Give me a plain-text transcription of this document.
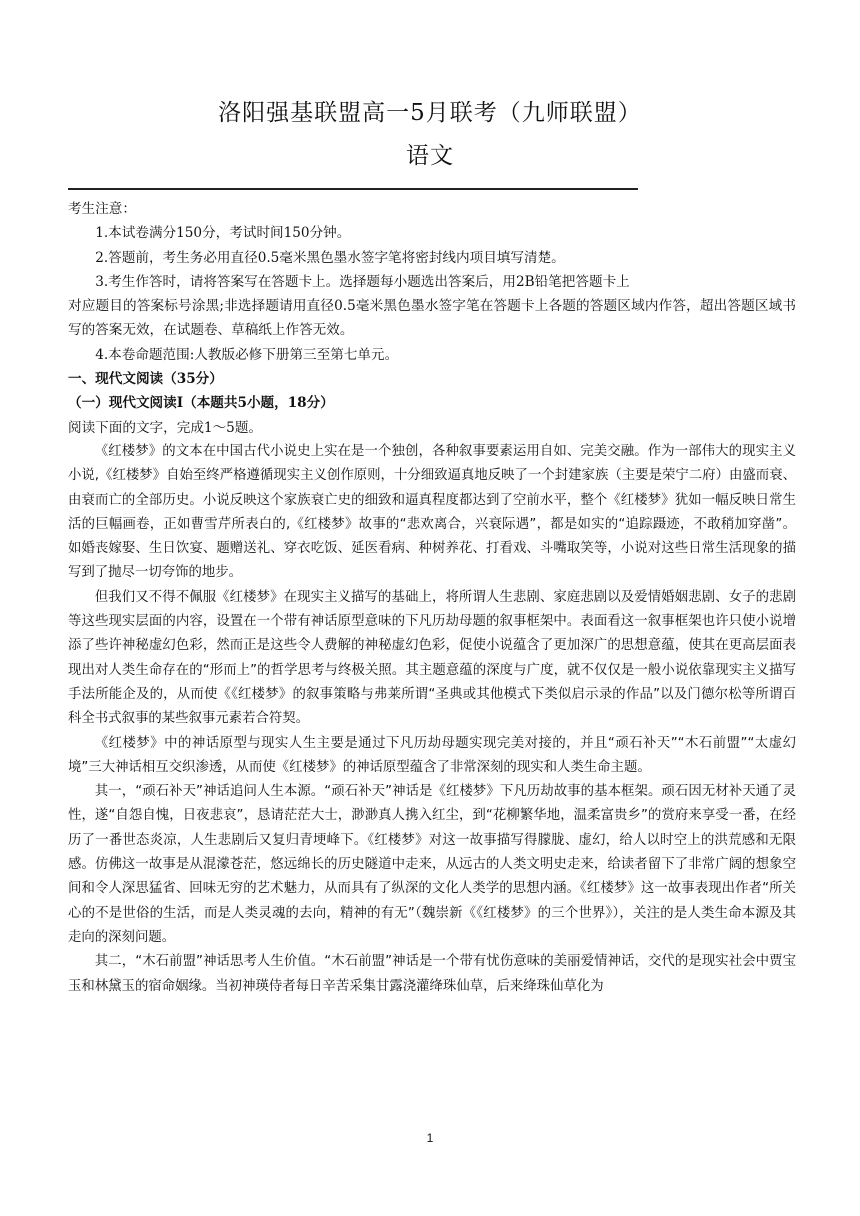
洛阳强基联盟高一5月联考（九师联盟）
语文

考生注意：

1.本试卷满分150分，考试时间150分钟。

2.答题前，考生务必用直径0.5毫米黑色墨水签字笔将密封线内项目填写清楚。

3.考生作答时，请将答案写在答题卡上。选择题每小题选出答案后，用2B铅笔把答题卡上

对应题目的答案标号涂黑;非选择题请用直径0.5毫米黑色墨水签字笔在答题卡上各题的答题区域内作答，超出答题区域书写的答案无效，在试题卷、草稿纸上作答无效。

4.本卷命题范围:人教版必修下册第三至第七单元。

一、现代文阅读（35分）

（一）现代文阅读Ⅰ（本题共5小题，18分）

阅读下面的文字，完成1～5题。

《红楼梦》的文本在中国古代小说史上实在是一个独创，各种叙事要素运用自如、完美交融。作为一部伟大的现实主义小说,《红楼梦》自始至终严格遵循现实主义创作原则，十分细致逼真地反映了一个封建家族（主要是荣宁二府）由盛而衰、由衰而亡的全部历史。小说反映这个家族衰亡史的细致和逼真程度都达到了空前水平，整个《红楼梦》犹如一幅反映日常生活的巨幅画卷，正如曹雪芹所表白的,《红楼梦》故事的“悲欢离合，兴衰际遇”，都是如实的“追踪蹑迹，不敢稍加穿凿”。如婚丧嫁娶、生日饮宴、题赠送礼、穿衣吃饭、延医看病、种树养花、打看戏、斗嘴取笑等，小说对这些日常生活现象的描写到了抛尽一切夸饰的地步。

但我们又不得不佩服《红楼梦》在现实主义描写的基础上，将所谓人生悲剧、家庭悲剧以及爱情婚姻悲剧、女子的悲剧等这些现实层面的内容，设置在一个带有神话原型意味的下凡历劫母题的叙事框架中。表面看这一叙事框架也许只使小说增添了些许神秘虚幻色彩，然而正是这些令人费解的神秘虚幻色彩，促使小说蕴含了更加深广的思想意蕴，使其在更高层面表现出对人类生命存在的“形而上”的哲学思考与终极关照。其主题意蕴的深度与广度，就不仅仅是一般小说依靠现实主义描写手法所能企及的，从而使《《红楼梦》的叙事策略与弗莱所谓“圣典或其他模式下类似启示录的作品”以及门德尔松等所谓百科全书式叙事的某些叙事元素若合符契。

《红楼梦》中的神话原型与现实人生主要是通过下凡历劫母题实现完美对接的，并且“顽石补天”“木石前盟”“太虚幻境”三大神话相互交织渗透，从而使《红楼梦》的神话原型蕴含了非常深刻的现实和人类生命主题。

其一，“顽石补天”神话追问人生本源。“顽石补天”神话是《红楼梦》下凡历劫故事的基本框架。顽石因无材补天通了灵性，遂“自怨自愧，日夜悲哀”，恳请茫茫大士，渺渺真人携入红尘，到“花柳繁华地，温柔富贵乡”的赏府来享受一番，在经历了一番世态炎凉，人生悲剧后又复归青埂峰下。《红楼梦》对这一故事描写得朦胧、虚幻，给人以时空上的洪荒感和无限感。仿佛这一故事是从混濛苍茫，悠远绵长的历史隧道中走来，从远古的人类文明史走来，给读者留下了非常广阔的想象空间和令人深思猛省、回味无穷的艺术魅力，从而具有了纵深的文化人类学的思想内涵。《红楼梦》这一故事表现出作者“所关心的不是世俗的生活，而是人类灵魂的去向，精神的有无”（魏崇新《《红楼梦》的三个世界》），关注的是人类生命本源及其走向的深刻问题。

其二，“木石前盟”神话思考人生价值。“木石前盟”神话是一个带有忧伤意味的美丽爱情神话，交代的是现实社会中贾宝玉和林黛玉的宿命姻缘。当初神瑛侍者每日辛苦采集甘露浇灌绛珠仙草，后来绛珠仙草化为

1
